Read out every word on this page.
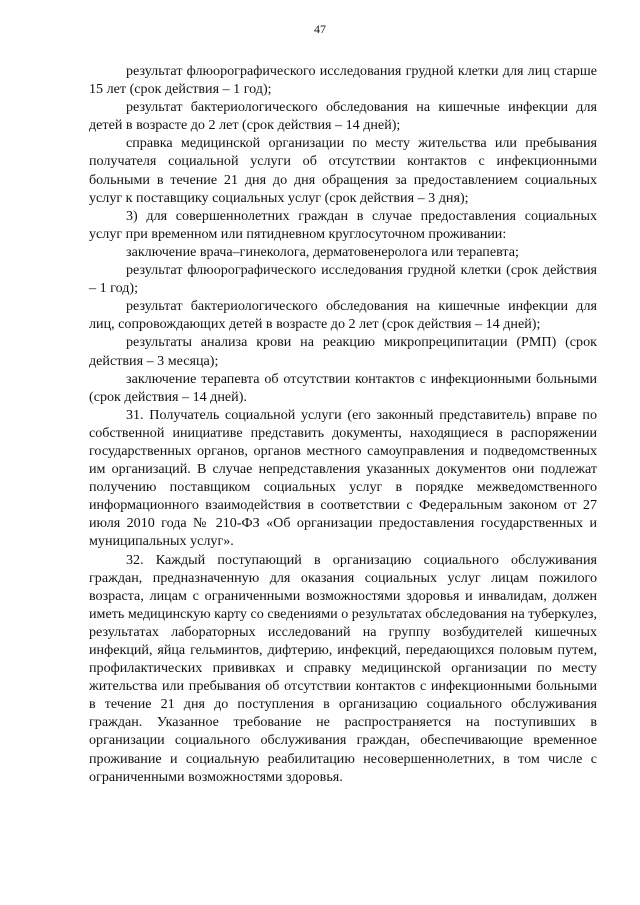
47

результат флюорографического исследования грудной клетки для лиц старше 15 лет (срок действия – 1 год);

результат бактериологического обследования на кишечные инфекции для детей в возрасте до 2 лет (срок действия – 14 дней);

справка медицинской организации по месту жительства или пребывания получателя социальной услуги об отсутствии контактов с инфекционными больными в течение 21 дня до дня обращения за предоставлением социальных услуг к поставщику социальных услуг (срок действия – 3 дня);

3) для совершеннолетних граждан в случае предоставления социальных услуг при временном или пятидневном круглосуточном проживании:

заключение врача–гинеколога, дерматовенеролога или терапевта;

результат флюорографического исследования грудной клетки (срок действия – 1 год);

результат бактериологического обследования на кишечные инфекции для лиц, сопровождающих детей в возрасте до 2 лет (срок действия – 14 дней);

результаты анализа крови на реакцию микропреципитации (РМП) (срок действия – 3 месяца);

заключение терапевта об отсутствии контактов с инфекционными больными (срок действия – 14 дней).

31. Получатель социальной услуги (его законный представитель) вправе по собственной инициативе представить документы, находящиеся в распоряжении государственных органов, органов местного самоуправления и подведомственных им организаций. В случае непредставления указанных документов они подлежат получению поставщиком социальных услуг в порядке межведомственного информационного взаимодействия в соответствии с Федеральным законом от 27 июля 2010 года № 210-ФЗ «Об организации предоставления государственных и муниципальных услуг».

32. Каждый поступающий в организацию социального обслуживания граждан, предназначенную для оказания социальных услуг лицам пожилого возраста, лицам с ограниченными возможностями здоровья и инвалидам, должен иметь медицинскую карту со сведениями о результатах обследования на туберкулез, результатах лабораторных исследований на группу возбудителей кишечных инфекций, яйца гельминтов, дифтерию, инфекций, передающихся половым путем, профилактических прививках и справку медицинской организации по месту жительства или пребывания об отсутствии контактов с инфекционными больными в течение 21 дня до поступления в организацию социального обслуживания граждан. Указанное требование не распространяется на поступивших в организации социального обслуживания граждан, обеспечивающие временное проживание и социальную реабилитацию несовершеннолетних, в том числе с ограниченными возможностями здоровья.
